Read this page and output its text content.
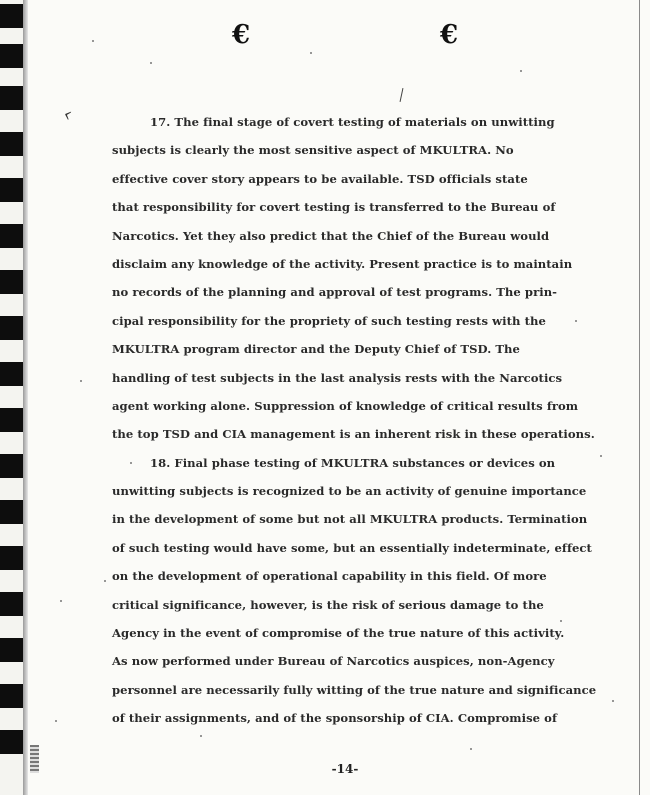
€	€
‹	17. The final stage of covert testing of materials on unwitting
subjects is clearly the most sensitive aspect of MKULTRA. No
effective cover story appears to be available. TSD officials state
that responsibility for covert testing is transferred to the Bureau of
Narcotics. Yet they also predict that the Chief of the Bureau would
disclaim any knowledge of the activity. Present practice is to maintain
no records of the planning and approval of test programs. The prin-
cipal responsibility for the propriety of such testing rests with the
MKULTRA program director and the Deputy Chief of TSD. The
handling of test subjects in the last analysis rests with the Narcotics
agent working alone. Suppression of knowledge of critical results from
the top TSD and CIA management is an inherent risk in these operations.
18. Final phase testing of MKULTRA substances or devices on
unwitting subjects is recognized to be an activity of genuine importance
in the development of some but not all MKULTRA products. Termination
of such testing would have some, but an essentially indeterminate, effect
on the development of operational capability in this field. Of more
critical significance, however, is the risk of serious damage to the
Agency in the event of compromise of the true nature of this activity.
As now performed under Bureau of Narcotics auspices, non-Agency
personnel are necessarily fully witting of the true nature and significance
of their assignments, and of the sponsorship of CIA. Compromise of
-14-
